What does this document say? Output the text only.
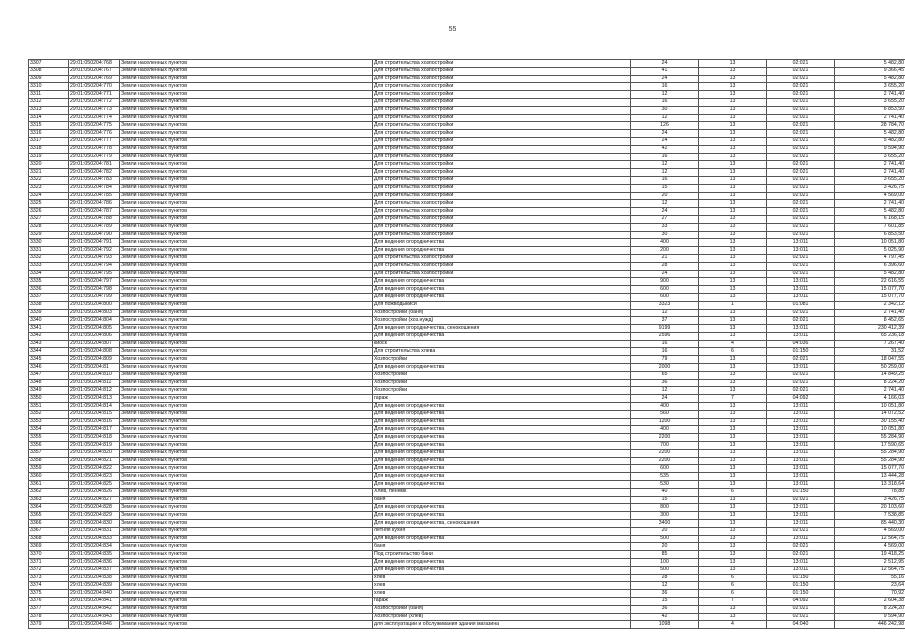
55
3307	29:01:050204:768	Земли населенных пунктов	Для строительства хозпостройки	24	13	02:021	5 482,80
3308	29:01:050204:767	Земли населенных пунктов	Для строительства хозпостройки	41	13	02:021	9 366,45
3309	29:01:050204:769	Земли населенных пунктов	Для строительства хозпостройки	24	13	02:021	5 482,80
3310	29:01:050204:770	Земли населенных пунктов	Для строительства хозпостройки	16	13	02:021	3 655,20
3311	29:01:050204:771	Земли населенных пунктов	Для строительства хозпостройки	12	13	02:021	2 741,40
3312	29:01:050204:772	Земли населенных пунктов	Для строительства хозпостройки	16	13	02:021	3 655,20
3313	29:01:050204:773	Земли населенных пунктов	Для строительства хозпостройки	30	13	02:021	6 853,50
3314	29:01:050204:774	Земли населенных пунктов	Для строительства хозпостройки	12	13	02:021	2 741,40
3315	29:01:050204:775	Земли населенных пунктов	Для строительства хозпостройки	126	13	02:021	28 784,70
3316	29:01:050204:776	Земли населенных пунктов	Для строительства хозпостройки	24	13	02:021	5 482,80
3317	29:01:050204:777	Земли населенных пунктов	Для строительства хозпостройки	24	13	02:021	5 482,80
3318	29:01:050204:778	Земли населенных пунктов	Для строительства хозпостройки	42	13	02:021	9 594,90
3319	29:01:050204:779	Земли населенных пунктов	Для строительства хозпостройки	16	13	02:021	3 655,20
3320	29:01:050204:781	Земли населенных пунктов	Для строительства хозпостройки	12	13	02:021	2 741,40
3321	29:01:050204:782	Земли населенных пунктов	Для строительства хозпостройки	12	13	02:021	2 741,40
3322	29:01:050204:783	Земли населенных пунктов	Для строительства хозпостройки	16	13	02:021	3 655,20
3323	29:01:050204:784	Земли населенных пунктов	Для строительства хозпостройки	15	13	02:021	3 426,75
3324	29:01:050204:785	Земли населенных пунктов	Для строительства хозпостройки	20	13	02:021	4 569,00
3325	29:01:050204:786	Земли населенных пунктов	Для строительства хозпостройки	12	13	02:021	2 741,40
3326	29:01:050204:787	Земли населенных пунктов	Для строительства хозпостройки	24	13	02:021	5 482,80
3327	29:01:050204:788	Земли населенных пунктов	Для строительства хозпостройки	27	13	02:021	6 168,15
3328	29:01:050204:789	Земли населенных пунктов	Для строительства хозпостройки	33	13	02:021	7 601,85
3329	29:01:050204:790	Земли населенных пунктов	Для строительства хозпостройки	30	13	02:021	6 853,50
3330	29:01:050204:791	Земли населенных пунктов	Для ведения огородничества	400	13	13:011	10 051,80
3331	29:01:050204:792	Земли населенных пунктов	Для ведения огородничества	200	13	13:011	5 025,90
3332	29:01:050204:793	Земли населенных пунктов	Для строительства хозпостройки	21	13	02:021	4 797,45
3333	29:01:050204:794	Земли населенных пунктов	Для строительства хозпостройки	28	13	02:021	6 396,60
3334	29:01:050204:795	Земли населенных пунктов	Для строительства хозпостройки	24	13	02:021	5 482,80
3335	29:01:050204:797	Земли населенных пунктов	Для ведения огородничества	900	13	13:011	22 616,55
3336	29:01:050204:798	Земли населенных пунктов	Для ведения огородничества	600	13	13:011	15 077,70
3337	29:01:050204:799	Земли населенных пунктов	Для ведения огородничества	600	13	13:011	15 077,70
3338	29:01:050204:800	Земли населенных пунктов	Для пожводыкиси	3323	1	01:081	2 342,12
3339	29:01:050204:803	Земли населенных пунктов	Хозпостройки (баня)	12	13	02:021	2 741,40
3340	29:01:050204:804	Земли населенных пунктов	Хозпостройки (хоз.нужд)	37	13	02:021	8 452,65
3341	29:01:050204:805	Земли населенных пунктов	Для ведения огородничества, сенокошения	9199	13	13:011	230 412,39
3342	29:01:050204:806	Земли населенных пунктов	Для ведения огородничества	2596	13	13:011	65 236,18
3343	29:01:050204:807	Земли населенных пунктов	киоск	16	4	04:036	7 267,40
3344	29:01:050204:808	Земли населенных пунктов	Для строительства хлева	16	6	01:150	31,52
3345	29:01:050204:809	Земли населенных пунктов	Хозпостройки	79	13	02:021	18 047,55
3346	29:01:050204:81	Земли населенных пунктов	Для ведения огородничества	2000	13	13:011	50 259,00
3347	29:01:050204:810	Земли населенных пунктов	Хозпостройки	65	13	02:021	14 849,25
3348	29:01:050204:811	Земли населенных пунктов	Хозпостройки	36	13	02:021	8 224,20
3349	29:01:050204:812	Земли населенных пунктов	Хозпостройки	12	13	02:021	2 741,40
3350	29:01:050204:813	Земли населенных пунктов	гараж	24	7	04:092	4 166,03
3351	29:01:050204:814	Земли населенных пунктов	Для ведения огородничества	400	13	13:011	10 051,80
3352	29:01:050204:815	Земли населенных пунктов	Для ведения огородничества	560	13	13:011	14 072,52
3353	29:01:050204:816	Земли населенных пунктов	Для ведения огородничества	1200	13	13:011	30 155,40
3354	29:01:050204:817	Земли населенных пунктов	Для ведения огородничества	400	13	13:011	10 051,80
3355	29:01:050204:818	Земли населенных пунктов	Для ведения огородничества	2200	13	13:011	55 284,90
3356	29:01:050204:819	Земли населенных пунктов	Для ведения огородничества	700	13	13:011	17 590,65
3357	29:01:050204:820	Земли населенных пунктов	Для ведения огородничества	2200	13	13:011	55 284,90
3358	29:01:050204:821	Земли населенных пунктов	Для ведения огородничества	2200	13	13:011	55 284,90
3359	29:01:050204:822	Земли населенных пунктов	Для ведения огородничества	600	13	13:011	15 077,70
3360	29:01:050204:823	Земли населенных пунктов	Для ведения огородничества	535	13	13:011	13 444,28
3361	29:01:050204:825	Земли населенных пунктов	Для ведения огородничества	530	13	13:011	13 318,64
3362	29:01:050204:826	Земли населенных пунктов	Хлев, пеннмк	40	6	01:150	78,80
3363	29:01:050204:827	Земли населенных пунктов	баня	15	13	02:021	3 426,75
3364	29:01:050204:828	Земли населенных пунктов	Для ведения огородничества	800	13	13:011	20 103,60
3365	29:01:050204:829	Земли населенных пунктов	Для ведения огородничества	300	13	13:011	7 538,85
3366	29:01:050204:830	Земли населенных пунктов	Для ведения огородничества, сенокошения	3400	13	13:011	85 440,30
3367	29:01:050204:831	Земли населенных пунктов	летняя кухня	20	13	02:021	4 569,00
3368	29:01:050204:833	Земли населенных пунктов	Для ведения огородничества	500	13	13:011	12 564,75
3369	29:01:050204:834	Земли населенных пунктов	баня	20	13	02:021	4 569,00
3370	29:01:050204:835	Земли населенных пунктов	Под строительство бани	85	13	02:021	19 418,25
3371	29:01:050204:836	Земли населенных пунктов	Для ведения огородничества	100	13	13:011	2 512,95
3372	29:01:050204:837	Земли населенных пунктов	Для ведения огородничества	500	13	13:011	12 564,75
3373	29:01:050204:838	Земли населенных пунктов	хлев	28	6	01:150	55,16
3374	29:01:050204:839	Земли населенных пунктов	хлев	12	6	01:150	23,64
3375	29:01:050204:840	Земли населенных пунктов	хлев	36	6	01:150	70,92
3376	29:01:050204:841	Земли населенных пунктов	гараж	15	7	04:092	2 604,38
3377	29:01:050204:842	Земли населенных пунктов	Хозпостройки (баня)	36	13	02:021	8 224,20
3378	29:01:050204:843	Земли населенных пунктов	Хозпостройки (хлев)	42	13	02:021	9 594,90
3379	29:01:050204:846	Земли населенных пунктов	для эксплуатации и обслуживания здания магазина	1098	4	04:040	446 242,98
